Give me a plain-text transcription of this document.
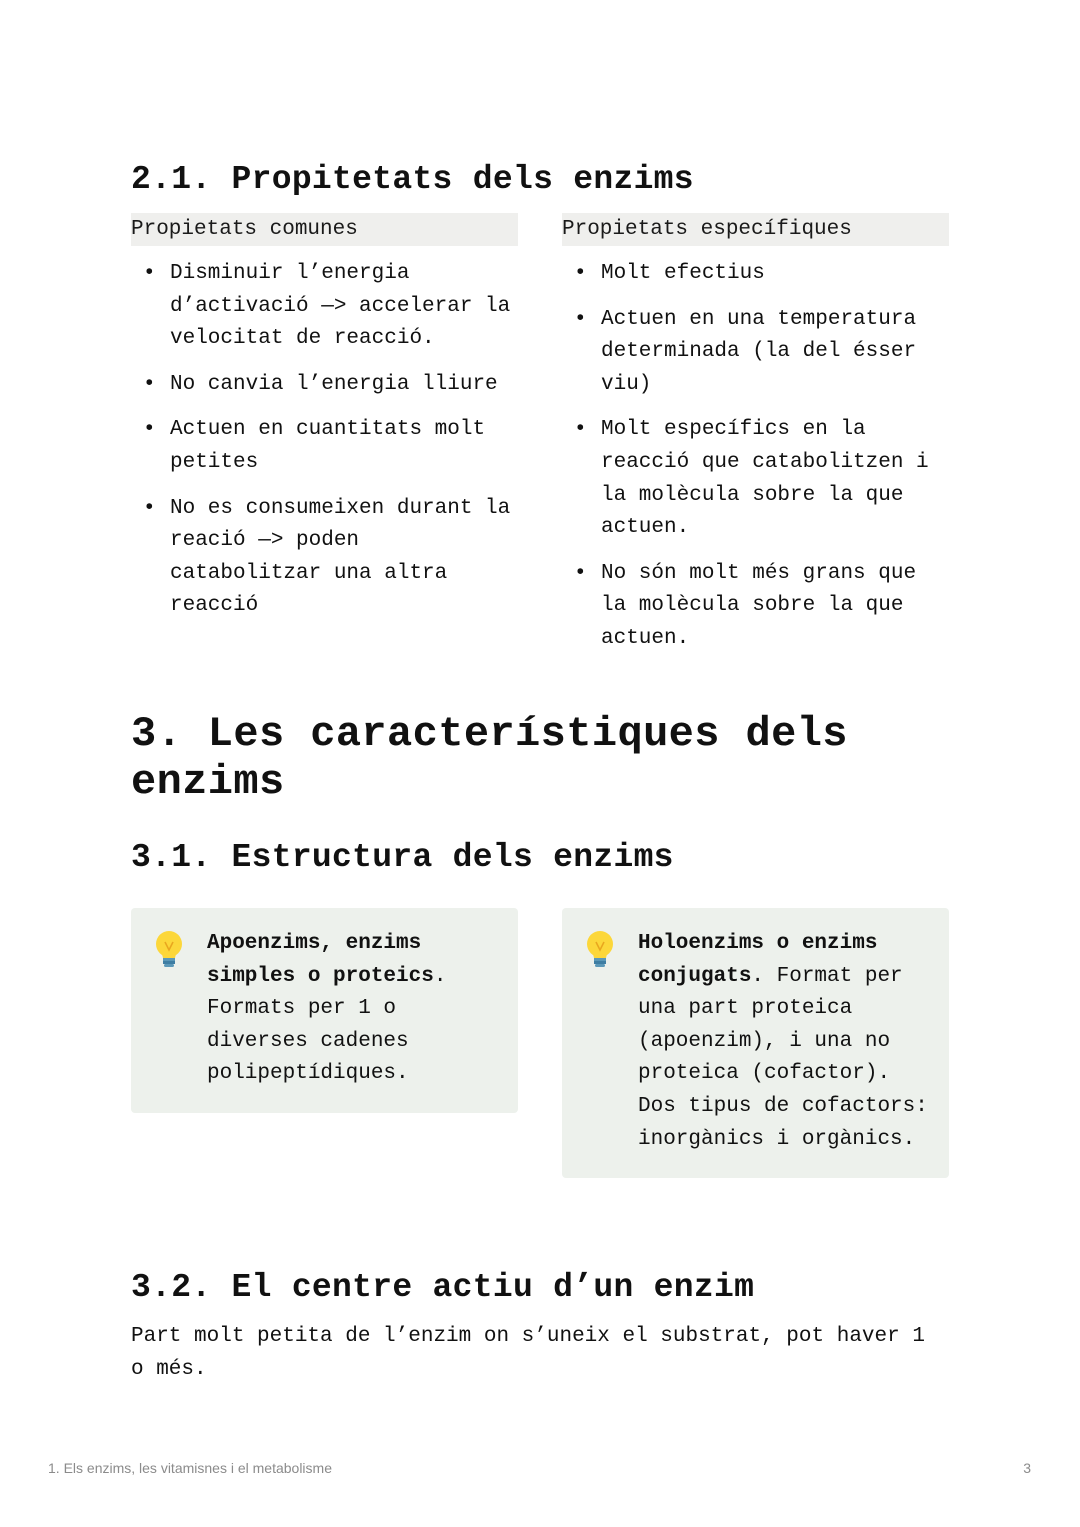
2.1. Propitetats dels enzims
Propietats comunes
• Disminuir l’energia d’activació —> accelerar la velocitat de reacció.
• No canvia l’energia lliure
• Actuen en cuantitats molt petites
• No es consumeixen durant la reació —> poden catabolitzar una altra reacció
Propietats específiques
• Molt efectius
• Actuen en una temperatura determinada (la del ésser viu)
• Molt específics en la reacció que catabolitzen i la molècula sobre la que actuen.
• No són molt més grans que la molècula sobre la que actuen.
3. Les característiques dels enzims
3.1. Estructura dels enzims
Apoenzims, enzims simples o proteics. Formats per 1 o diverses cadenes polipeptídiques.
Holoenzims o enzims conjugats. Format per una part proteica (apoenzim), i una no proteica (cofactor). Dos tipus de cofactors: inorgànics i orgànics.
3.2. El centre actiu d’un enzim

Part molt petita de l’enzim on s’uneix el substrat, pot haver 1 o més.

1. Els enzims, les vitamisnes i el metabolisme	3
